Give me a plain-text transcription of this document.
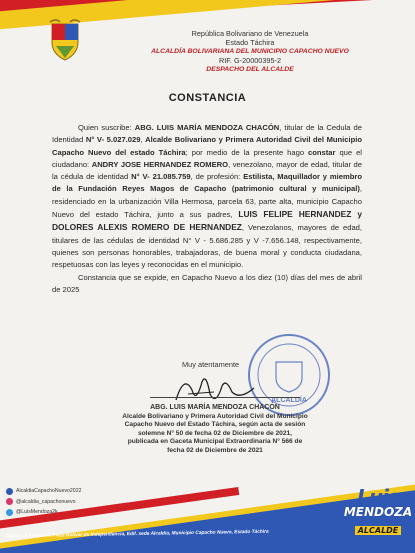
República Bolivariano de Venezuela
Estado Táchira
ALCALDÍA BOLIVARIANA DEL MUNICIPIO CAPACHO NUEVO
RIF. G-20000395-2
DESPACHO DEL ALCALDE
CONSTANCIA

Quien suscribe: ABG. LUIS MARÍA MENDOZA CHACÓN, titular de la Cedula de Identidad N° V- 5.027.029, Alcalde Bolivariano y Primera Autoridad Civil del Municipio Capacho Nuevo del estado Táchira; por medio de la presente hago constar que el ciudadano: ANDRY JOSE HERNANDEZ ROMERO, venezolano, mayor de edad, titular de la cédula de identidad N° V- 21.085.759, de profesión: Estilista, Maquillador y miembro de la Fundación Reyes Magos de Capacho (patrimonio cultural y municipal), residenciado en la urbanización Villa Hermosa, parcela 63, parte alta, municipio Capacho Nuevo del estado Táchira, junto a sus padres, LUIS FELIPE HERNANDEZ y DOLORES ALEXIS ROMERO DE HERNANDEZ, Venezolanos, mayores de edad, titulares de las cédulas de identidad N° V - 5.686.285 y V -7.656.148, respectivamente, quienes son personas honorables, trabajadoras, de buena moral y conducta ciudadana, respetuosas con las leyes y reconocidas en el municipio.

Constancia que se expide, en Capacho Nuevo a los diez (10) días del mes de abril de 2025

ALCALDÍA
Muy atentamente
ABG. LUIS MARÍA MENDOZA CHACÓN
Alcalde Bolivariano y Primera Autoridad Civil del Municipio
Capacho Nuevo del Estado Táchira, según acta de sesión
solemne N° 50 de fecha 02 de Diciembre de 2021,
publicada en Gaceta Municipal Extraordinaria N° 566 de
fecha 02 de Diciembre de 2021
AlcaldiaCapachoNuevo2022
@alcaldia_capachonuevo
@LuisMendoza2k
Carrera 6 frente a la Plaza Bolívar de Independencia, Edif. sede Alcaldía, Municipio Capacho Nuevo, Estado Táchira
Luis
MENDOZA
ALCALDE
